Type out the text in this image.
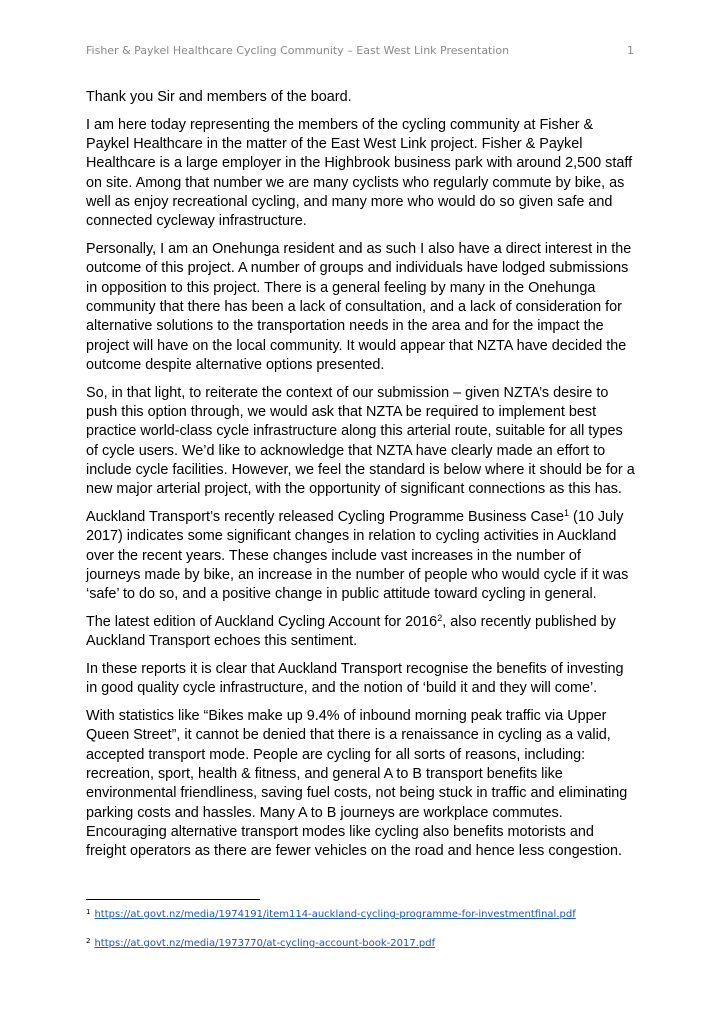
Fisher & Paykel Healthcare Cycling Community – East West Link Presentation	1

Thank you Sir and members of the board.

I am here today representing the members of the cycling community at Fisher & Paykel Healthcare in the matter of the East West Link project. Fisher & Paykel Healthcare is a large employer in the Highbrook business park with around 2,500 staff on site. Among that number we are many cyclists who regularly commute by bike, as well as enjoy recreational cycling, and many more who would do so given safe and connected cycleway infrastructure.

Personally, I am an Onehunga resident and as such I also have a direct interest in the outcome of this project. A number of groups and individuals have lodged submissions in opposition to this project. There is a general feeling by many in the Onehunga community that there has been a lack of consultation, and a lack of consideration for alternative solutions to the transportation needs in the area and for the impact the project will have on the local community. It would appear that NZTA have decided the outcome despite alternative options presented.

So, in that light, to reiterate the context of our submission – given NZTA’s desire to push this option through, we would ask that NZTA be required to implement best practice world-class cycle infrastructure along this arterial route, suitable for all types of cycle users. We’d like to acknowledge that NZTA have clearly made an effort to include cycle facilities. However, we feel the standard is below where it should be for a new major arterial project, with the opportunity of significant connections as this has.

Auckland Transport’s recently released Cycling Programme Business Case$^1$ (10 July 2017) indicates some significant changes in relation to cycling activities in Auckland over the recent years. These changes include vast increases in the number of journeys made by bike, an increase in the number of people who would cycle if it was ‘safe’ to do so, and a positive change in public attitude toward cycling in general.

The latest edition of Auckland Cycling Account for 2016$^2$, also recently published by Auckland Transport echoes this sentiment.

In these reports it is clear that Auckland Transport recognise the benefits of investing in good quality cycle infrastructure, and the notion of ‘build it and they will come’.

With statistics like “Bikes make up 9.4% of inbound morning peak traffic via Upper Queen Street”, it cannot be denied that there is a renaissance in cycling as a valid, accepted transport mode. People are cycling for all sorts of reasons, including: recreation, sport, health & fitness, and general A to B transport benefits like environmental friendliness, saving fuel costs, not being stuck in traffic and eliminating parking costs and hassles. Many A to B journeys are workplace commutes. Encouraging alternative transport modes like cycling also benefits motorists and freight operators as there are fewer vehicles on the road and hence less congestion.

$^1$ https://at.govt.nz/media/1974191/item114-auckland-cycling-programme-for-investmentfinal.pdf
$^2$ https://at.govt.nz/media/1973770/at-cycling-account-book-2017.pdf
